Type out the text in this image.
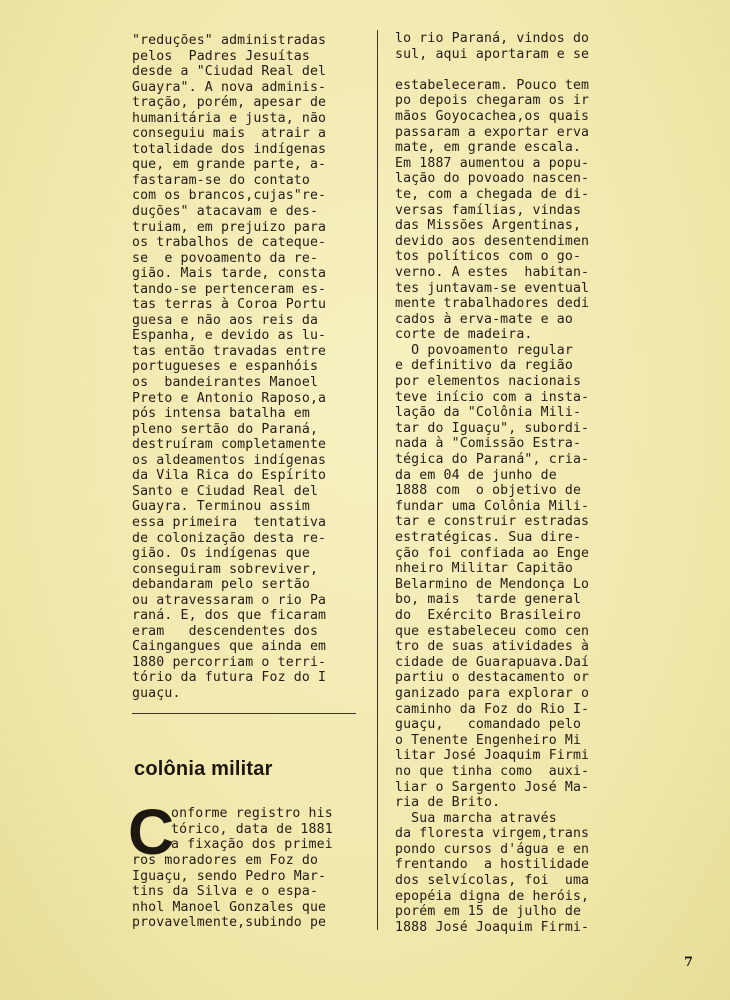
"reduções" administradas
pelos  Padres Jesuítas
desde a "Ciudad Real del
Guayra". A nova adminis-
tração, porém, apesar de
humanitária e justa, não
conseguiu mais  atrair a
totalidade dos indígenas
que, em grande parte, a-
fastaram-se do contato
com os brancos,cujas"re-
duções" atacavam e des-
truiam, em prejuizo para
os trabalhos de cateque-
se  e povoamento da re-
gião. Mais tarde, consta
tando-se pertenceram es-
tas terras à Coroa Portu
guesa e não aos reis da
Espanha, e devido as lu-
tas então travadas entre
portugueses e espanhóis
os  bandeirantes Manoel
Preto e Antonio Raposo,a
pós intensa batalha em
pleno sertão do Paraná,
destruíram completamente
os aldeamentos indígenas
da Vila Rica do Espírito
Santo e Ciudad Real del
Guayra. Terminou assim
essa primeira  tentativa
de colonização desta re-
gião. Os indígenas que
conseguiram sobreviver,
debandaram pelo sertão
ou atravessaram o rio Pa
raná. E, dos que ficaram
eram   descendentes dos
Caingangues que ainda em
1880 percorriam o terri-
tório da futura Foz do I
guaçu.
colônia militar
C
onforme registro his
tórico, data de 1881
a fixação dos primei
ros moradores em Foz do
Iguaçu, sendo Pedro Mar-
tins da Silva e o espa-
nhol Manoel Gonzales que
provavelmente,subindo pe
lo rio Paraná, vindos do
sul, aqui aportaram e se
estabeleceram. Pouco tem
po depois chegaram os ir
mãos Goyocachea,os quais
passaram a exportar erva
mate, em grande escala.
Em 1887 aumentou a popu-
lação do povoado nascen-
te, com a chegada de di-
versas famílias, vindas
das Missões Argentinas,
devido aos desentendimen
tos políticos com o go-
verno. A estes  habitan-
tes juntavam-se eventual
mente trabalhadores dedi
cados à erva-mate e ao
corte de madeira.
O povoamento regular
e definitivo da região
por elementos nacionais
teve início com a insta-
lação da "Colônia Mili-
tar do Iguaçu", subordi-
nada à "Comissão Estra-
tégica do Paraná", cria-
da em 04 de junho de
1888 com  o objetivo de
fundar uma Colônia Mili-
tar e construir estradas
estratégicas. Sua dire-
ção foi confiada ao Enge
nheiro Militar Capitão
Belarmino de Mendonça Lo
bo, mais  tarde general
do  Exército Brasileiro
que estabeleceu como cen
tro de suas atividades à
cidade de Guarapuava.Daí
partiu o destacamento or
ganizado para explorar o
caminho da Foz do Rio I-
guaçu,   comandado pelo
o Tenente Engenheiro Mi
litar José Joaquim Firmi
no que tinha como  auxi-
liar o Sargento José Ma-
ria de Brito.
Sua marcha através
da floresta virgem,trans
pondo cursos d'água e en
frentando  a hostilidade
dos selvícolas, foi  uma
epopéia digna de heróis,
porém em 15 de julho de
1888 José Joaquim Firmi-
7
